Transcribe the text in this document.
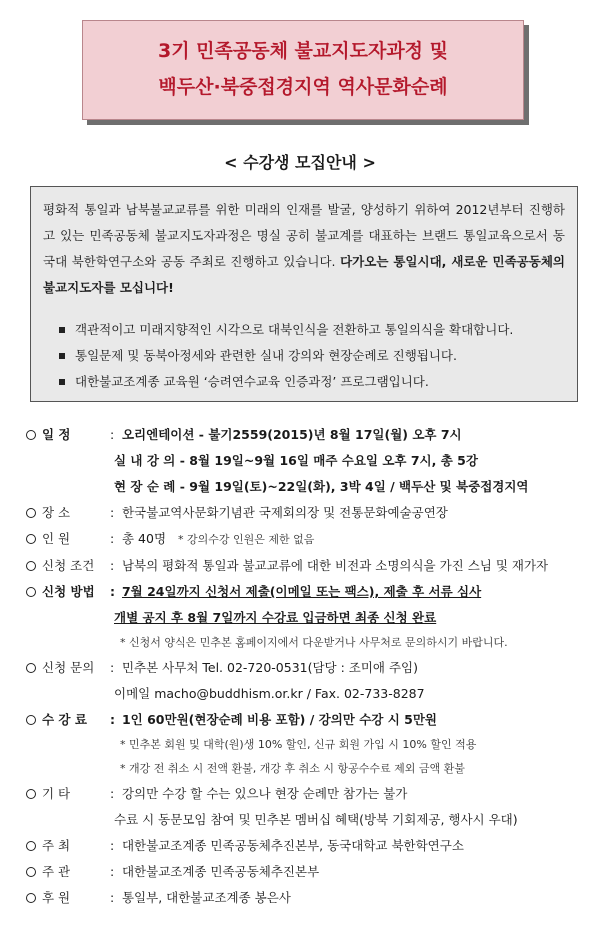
3기 민족공동체 불교지도자과정 및
백두산·북중접경지역 역사문화순례
< 수강생 모집안내 >
평화적 통일과 남북불교교류를 위한 미래의 인재를 발굴, 양성하기 위하여 2012년부터 진행하고 있는 민족공동체 불교지도자과정은 명실 공히 불교계를 대표하는 브랜드 통일교육으로서 동국대 북한학연구소와 공동 주최로 진행하고 있습니다. 다가오는 통일시대, 새로운 민족공동체의 불교지도자를 모십니다!
객관적이고 미래지향적인 시각으로 대북인식을 전환하고 통일의식을 확대합니다.
통일문제 및 동북아정세와 관련한 실내 강의와 현장순례로 진행됩니다.
대한불교조계종 교육원 ‘승려연수교육 인증과정’ 프로그램입니다.
일 정	: 오리엔테이션 - 불기2559(2015)년 8월 17일(월) 오후 7시
실 내 강 의 - 8월 19일~9월 16일 매주 수요일 오후 7시, 총 5강
현 장 순 례 - 9월 19일(토)~22일(화), 3박 4일 / 백두산 및 북중접경지역
장 소	: 한국불교역사문화기념관 국제회의장 및 전통문화예술공연장
인 원	: 총 40명 * 강의수강 인원은 제한 없음
신청 조건 : 남북의 평화적 통일과 불교교류에 대한 비전과 소명의식을 가진 스님 및 재가자
신청 방법 : 7월 24일까지 신청서 제출(이메일 또는 팩스), 제출 후 서류 심사
개별 공지 후 8월 7일까지 수강료 입금하면 최종 신청 완료
* 신청서 양식은 민추본 홈페이지에서 다운받거나 사무처로 문의하시기 바랍니다.
신청 문의 : 민추본 사무처 Tel. 02-720-0531(담당 : 조미애 주임)
이메일 macho@buddhism.or.kr / Fax. 02-733-8287
수 강 료 : 1인 60만원(현장순례 비용 포함) / 강의만 수강 시 5만원
* 민추본 회원 및 대학(원)생 10% 할인, 신규 회원 가입 시 10% 할인 적용
* 개강 전 취소 시 전액 환불, 개강 후 취소 시 항공수수료 제외 금액 환불
기 타	: 강의만 수강 할 수는 있으나 현장 순례만 참가는 불가
수료 시 동문모임 참여 및 민추본 멤버십 혜택(방북 기회제공, 행사시 우대)
주 최	: 대한불교조계종 민족공동체추진본부, 동국대학교 북한학연구소
주 관	: 대한불교조계종 민족공동체추진본부
후 원	: 통일부, 대한불교조계종 봉은사
